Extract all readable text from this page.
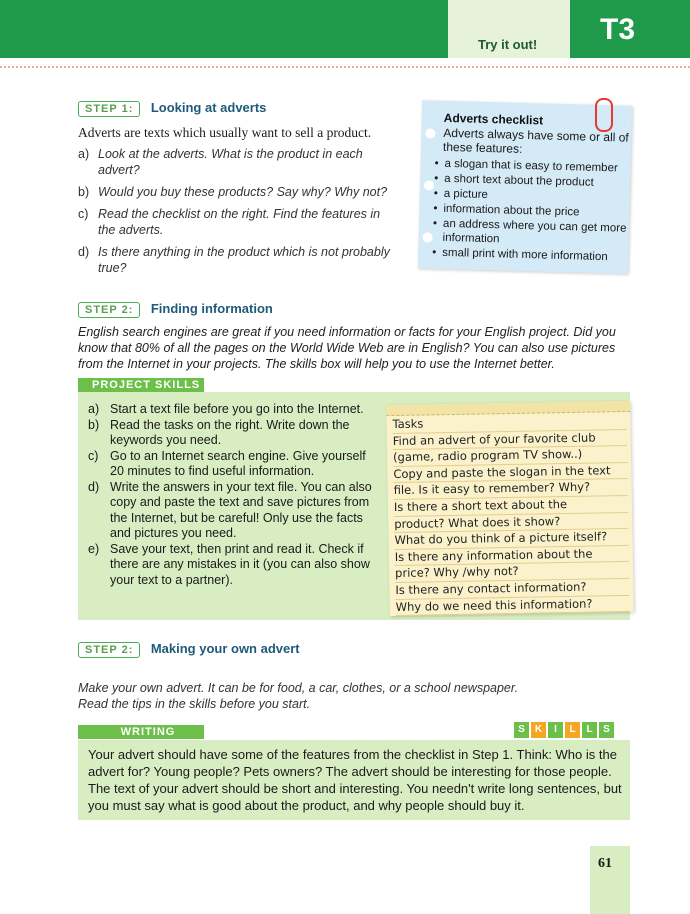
Try it out! T3
STEP 1: Looking at adverts
Adverts are texts which usually want to sell a product.
a) Look at the adverts. What is the product in each advert?
b) Would you buy these products? Say why? Why not?
c) Read the checklist on the right. Find the features in the adverts.
d) Is there anything in the product which is not probably true?
Adverts checklist
Adverts always have some or all of these features:
• a slogan that is easy to remember
• a short text about the product
• a picture
• information about the price
• an address where you can get more information
• small print with more information
STEP 2: Finding information
English search engines are great if you need information or facts for your English project. Did you know that 80% of all the pages on the World Wide Web are in English? You can also use pictures from the Internet in your projects. The skills box will help you to use the Internet better.
PROJECT SKILLS
a) Start a text file before you go into the Internet.
b) Read the tasks on the right. Write down the keywords you need.
c) Go to an Internet search engine. Give yourself 20 minutes to find useful information.
d) Write the answers in your text file. You can also copy and paste the text and save pictures from the Internet, but be careful! Only use the facts and pictures you need.
e) Save your text, then print and read it. Check if there are any mistakes in it (you can also show your text to a partner).
Tasks
Find an advert of your favorite club
(game, radio program TV show..)
Copy and paste the slogan in the text
file. Is it easy to remember? Why?
Is there a short text about the
product? What does it show?
What do you think of a picture itself?
Is there any information about the
price? Why /why not?
Is there any contact information?
Why do we need this information?
STEP 2: Making your own advert
Make your own advert. It can be for food, a car, clothes, or a school newspaper.
Read the tips in the skills before you start.
WRITING	S	K	I	L	L	S

Your advert should have some of the features from the checklist in Step 1. Think: Who is the advert for? Young people? Pets owners? The advert should be interesting for those people. The text of your advert should be short and interesting. You needn't write long sentences, but you must say what is good about the product, and why people should buy it.

61
